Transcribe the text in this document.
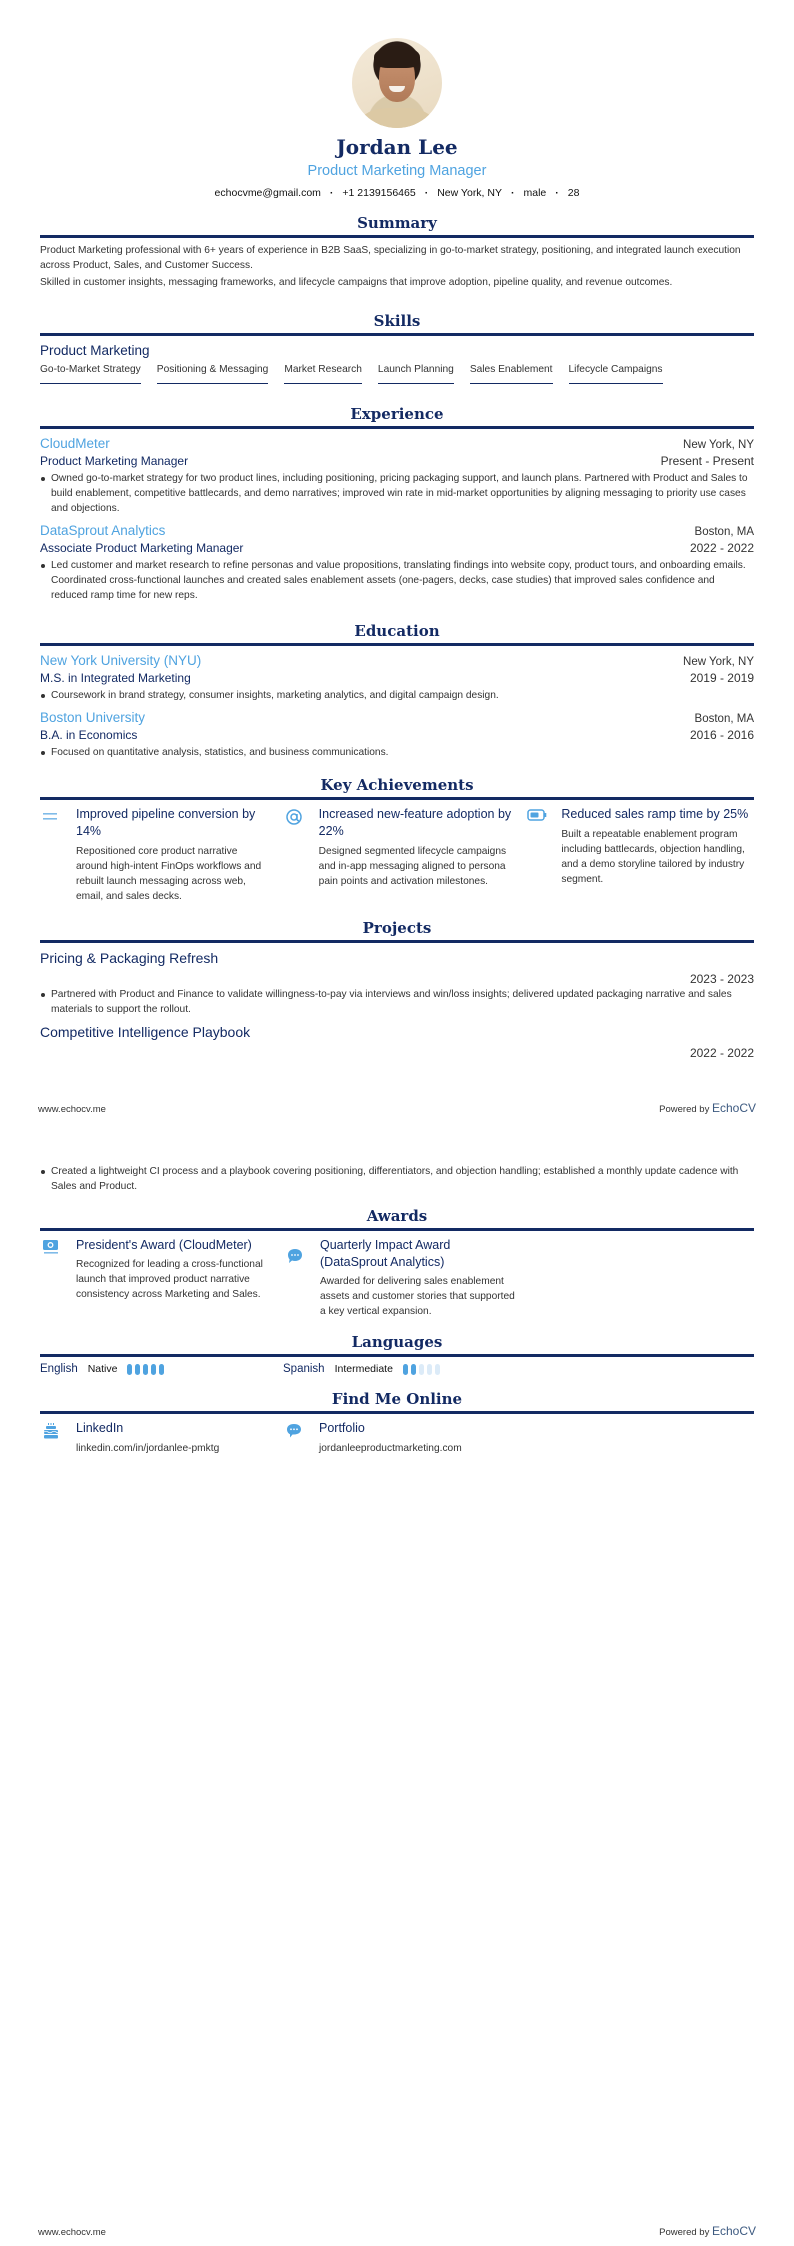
Jordan Lee
Product Marketing Manager
echocvme@gmail.com · +1 2139156465 · New York, NY · male · 28
Summary

Product Marketing professional with 6+ years of experience in B2B SaaS, specializing in go-to-market strategy, positioning, and integrated launch execution across Product, Sales, and Customer Success.

Skilled in customer insights, messaging frameworks, and lifecycle campaigns that improve adoption, pipeline quality, and revenue outcomes.

Skills
Product Marketing
Go-to-Market Strategy Positioning & Messaging Market Research Launch Planning Sales Enablement Lifecycle Campaigns
Experience
CloudMeter	New York, NY
Product Marketing Manager	Present - Present
Owned go-to-market strategy for two product lines, including positioning, pricing packaging support, and launch plans. Partnered with Product and Sales to build enablement, competitive battlecards, and demo narratives; improved win rate in mid-market opportunities by aligning messaging to priority use cases and objections.
DataSprout Analytics	Boston, MA
Associate Product Marketing Manager	2022 - 2022
Led customer and market research to refine personas and value propositions, translating findings into website copy, product tours, and onboarding emails. Coordinated cross-functional launches and created sales enablement assets (one-pagers, decks, case studies) that improved sales confidence and reduced ramp time for new reps.
Education
New York University (NYU)	New York, NY
M.S. in Integrated Marketing	2019 - 2019
Coursework in brand strategy, consumer insights, marketing analytics, and digital campaign design.
Boston University	Boston, MA
B.A. in Economics	2016 - 2016
Focused on quantitative analysis, statistics, and business communications.
Key Achievements
Improved pipeline conversion by 14%
Repositioned core product narrative around high-intent FinOps workflows and rebuilt launch messaging across web, email, and sales decks.
Increased new-feature adoption by 22%
Designed segmented lifecycle campaigns and in-app messaging aligned to persona pain points and activation milestones.
Reduced sales ramp time by 25%
Built a repeatable enablement program including battlecards, objection handling, and a demo storyline tailored by industry segment.
Projects
Pricing & Packaging Refresh
2023 - 2023
Partnered with Product and Finance to validate willingness-to-pay via interviews and win/loss insights; delivered updated packaging narrative and sales materials to support the rollout.
Competitive Intelligence Playbook
2022 - 2022
www.echocv.me	Powered by EchoCV
Created a lightweight CI process and a playbook covering positioning, differentiators, and objection handling; established a monthly update cadence with Sales and Product.
Awards
President's Award (CloudMeter)
Recognized for leading a cross-functional launch that improved product narrative consistency across Marketing and Sales.
Quarterly Impact Award (DataSprout Analytics)
Awarded for delivering sales enablement assets and customer stories that supported a key vertical expansion.
Languages
English Native	Spanish Intermediate
Find Me Online
LinkedIn
linkedin.com/in/jordanlee-pmktg
Portfolio
jordanleeproductmarketing.com
www.echocv.me	Powered by EchoCV
